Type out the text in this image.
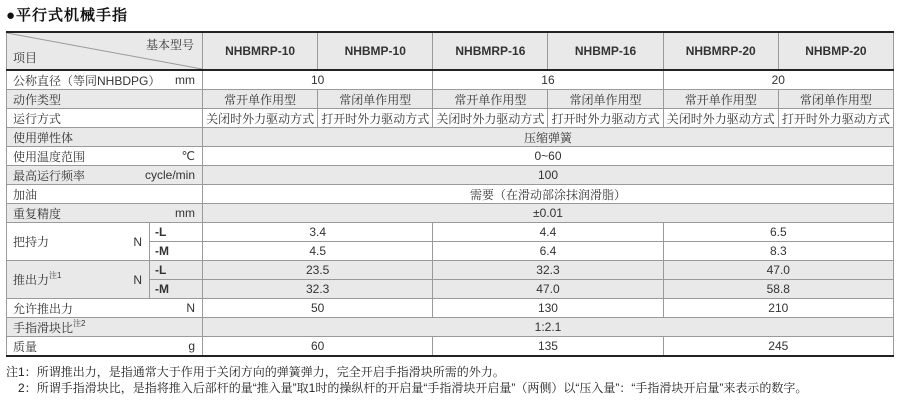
●平行式机械手指
基本型号
项目		NHBMRP-10	NHBMP-10	NHBMRP-16	NHBMP-16	NHBMRP-20	NHBMP-20

公称直径（等同NHBDPG） mm		10		16		20	
动作类型		常开单作用型	常闭单作用型	常开单作用型	常闭单作用型	常开单作用型	常闭单作用型
运行方式		关闭时外力驱动方式	打开时外力驱动方式	关闭时外力驱动方式	打开时外力驱动方式	关闭时外力驱动方式	打开时外力驱动方式
使用弹性体		压缩弹簧					

使用温度范围 ℃		0~60					

最高运行频率 cycle/min		100					
加油		需要（在滑动部涂抹润滑脂）					

重复精度 mm		±0.01					

把持力 N	-L	3.4		4.4		6.5	
	-M	4.5		6.4		8.3	

推出力$^{注1}$ N	-L	23.5		32.3		47.0	
	-M	32.3		47.0		58.8	

允许推出力 N		50		130		210	
手指滑块比$^{注2}$		1:2.1					

质量 g		60		135		245	
注1：所谓推出力，是指通常大于作用于关闭方向的弹簧弹力，完全开启手指滑块所需的外力。
2：所谓手指滑块比，是指将推入后部杆的量“推入量”取1时的操纵杆的开启量“手指滑块开启量”（两侧）以“压入量”：“手指滑块开启量”来表示的数字。
